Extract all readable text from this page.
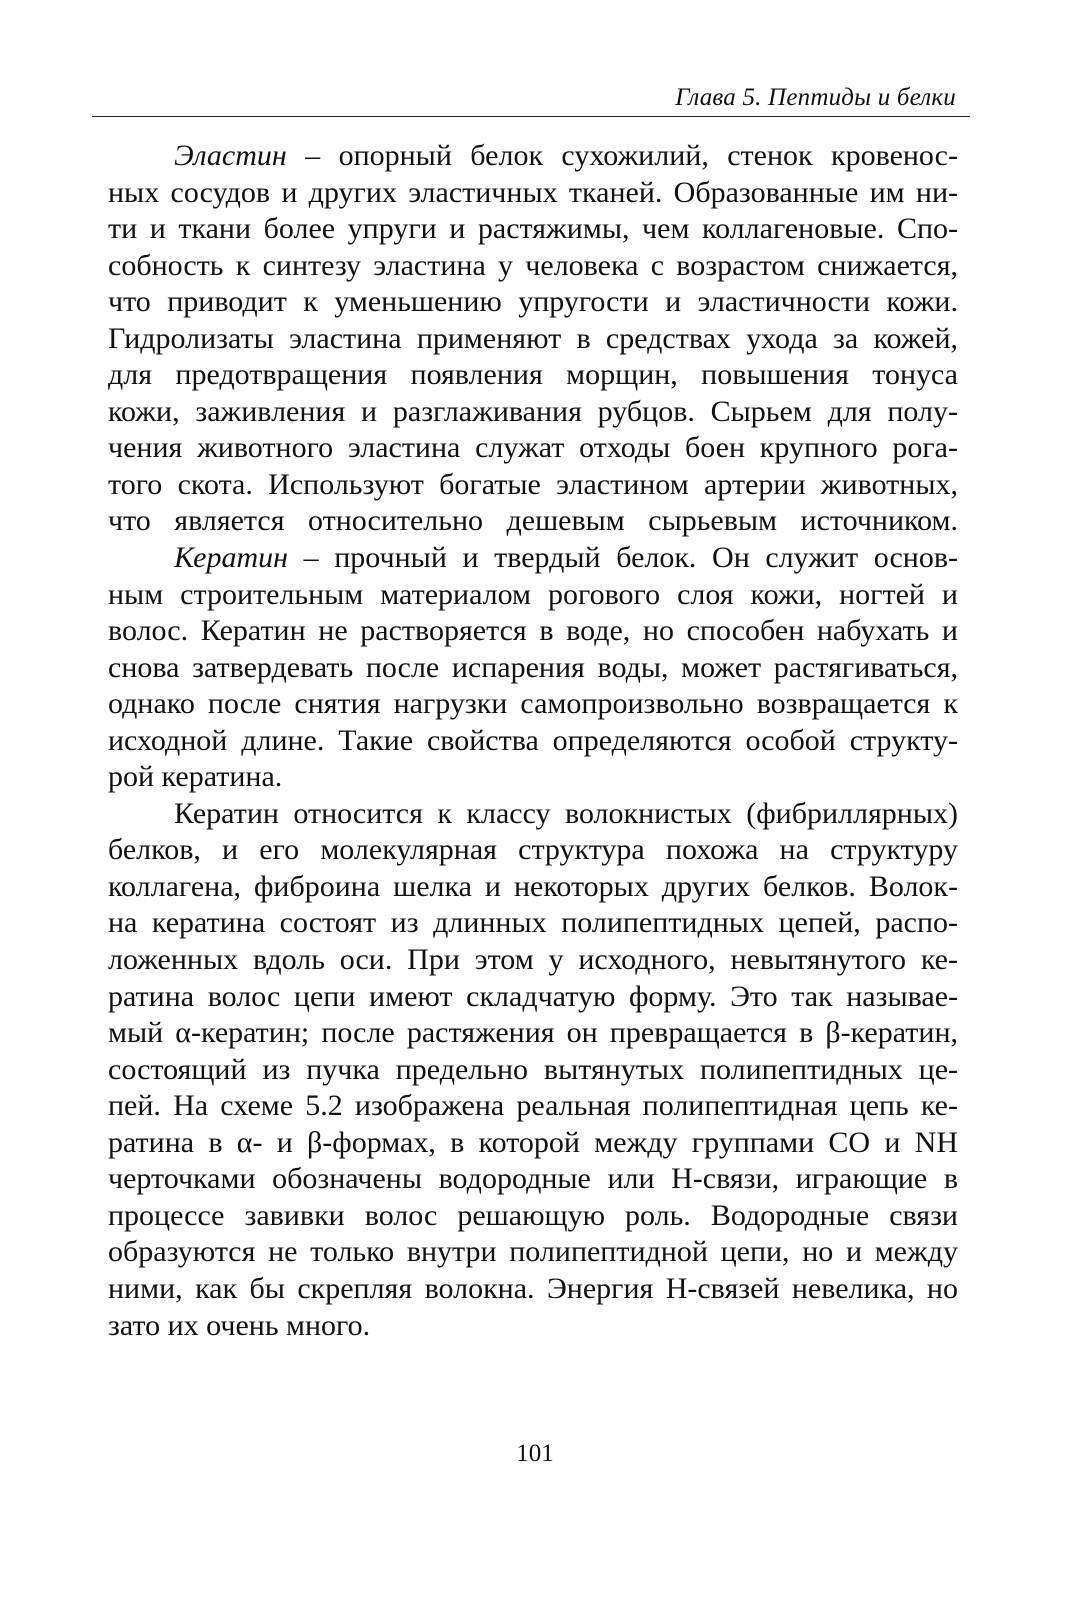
Глава 5. Пептиды и белки
Эластин – опорный белок сухожилий, стенок кровенос-
ных сосудов и других эластичных тканей. Образованные им ни-
ти и ткани более упруги и растяжимы, чем коллагеновые. Спо-
собность к синтезу эластина у человека с возрастом снижается,
что приводит к уменьшению упругости и эластичности кожи.
Гидролизаты эластина применяют в средствах ухода за кожей,
для предотвращения появления морщин, повышения тонуса
кожи, заживления и разглаживания рубцов. Сырьем для полу-
чения животного эластина служат отходы боен крупного рога-
того скота. Используют богатые эластином артерии животных,
что является относительно дешевым сырьевым источником.
Кератин – прочный и твердый белок. Он служит основ-
ным строительным материалом рогового слоя кожи, ногтей и
волос. Кератин не растворяется в воде, но способен набухать и
снова затвердевать после испарения воды, может растягиваться,
однако после снятия нагрузки самопроизвольно возвращается к
исходной длине. Такие свойства определяются особой структу-
рой кератина.
Кератин относится к классу волокнистых (фибриллярных)
белков, и его молекулярная структура похожа на структуру
коллагена, фиброина шелка и некоторых других белков. Волок-
на кератина состоят из длинных полипептидных цепей, распо-
ложенных вдоль оси. При этом у исходного, невытянутого ке-
ратина волос цепи имеют складчатую форму. Это так называе-
мый α-кератин; после растяжения он превращается в β-кератин,
состоящий из пучка предельно вытянутых полипептидных це-
пей. На схеме 5.2 изображена реальная полипептидная цепь ке-
ратина в α- и β-формах, в которой между группами CO и NH
черточками обозначены водородные или Н-связи, играющие в
процессе завивки волос решающую роль. Водородные связи
образуются не только внутри полипептидной цепи, но и между
ними, как бы скрепляя волокна. Энергия Н-связей невелика, но
зато их очень много.
101
